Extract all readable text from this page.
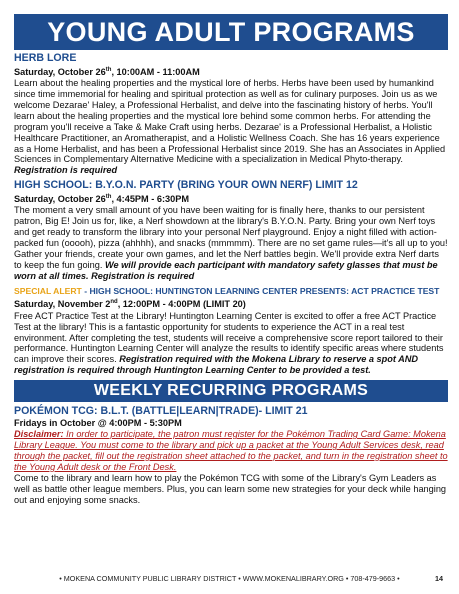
YOUNG ADULT PROGRAMS
HERB LORE
Saturday, October 26th, 10:00AM - 11:00AM
Learn about the healing properties and the mystical lore of herbs. Herbs have been used by humankind since time immemorial for healing and spiritual protection as well as for culinary purposes. Join us as we welcome Dezarae' Haley, a Professional Herbalist, and delve into the fascinating history of herbs. You'll learn about the healing properties and the mystical lore behind some common herbs. For attending the program you'll receive a Take & Make Craft using herbs. Dezarae' is a Professional Herbalist, a Holistic Healthcare Practitioner, an Aromatherapist, and a Holistic Wellness Coach. She has 16 years experience as a Home Herbalist, and has been a Professional Herbalist since 2019. She has an Associates in Applied Sciences in Complementary Alternative Medicine with a specialization in Medical Phyto-therapy. Registration is required
HIGH SCHOOL: B.Y.O.N. PARTY (BRING YOUR OWN NERF) LIMIT 12
Saturday, October 26th, 4:45PM - 6:30PM
The moment a very small amount of you have been waiting for is finally here, thanks to our persistent patron, Big E! Join us for, like, a Nerf showdown at the library's B.Y.O.N. Party. Bring your own Nerf toys and get ready to transform the library into your personal Nerf playground. Enjoy a night filled with action-packed fun (ooooh), pizza (ahhhh), and snacks (mmmmm). There are no set game rules—it's all up to you! Gather your friends, create your own games, and let the Nerf battles begin. We'll provide extra Nerf darts to keep the fun going. We will provide each participant with mandatory safety glasses that must be worn at all times. Registration is required
SPECIAL ALERT - HIGH SCHOOL: HUNTINGTON LEARNING CENTER PRESENTS: ACT PRACTICE TEST
Saturday, November 2nd, 12:00PM - 4:00PM (LIMIT 20)
Free ACT Practice Test at the Library! Huntington Learning Center is excited to offer a free ACT Practice Test at the library! This is a fantastic opportunity for students to experience the ACT in a real test environment. After completing the test, students will receive a comprehensive score report tailored to their performance. Huntington Learning Center will analyze the results to identify specific areas where students can improve their scores. Registration required with the Mokena Library to reserve a spot AND registration is required through Huntington Learning Center to be provided a test.
WEEKLY RECURRING PROGRAMS
POKÉMON TCG: B.L.T. (BATTLE|LEARN|TRADE)- LIMIT 21
Fridays in October @ 4:00PM - 5:30PM
Disclaimer: In order to participate, the patron must register for the Pokémon Trading Card Game: Mokena Library League. You must come to the library and pick up a packet at the Young Adult Services desk, read through the packet, fill out the registration sheet attached to the packet, and turn in the registration sheet to the Young Adult desk or the Front Desk.
Come to the library and learn how to play the Pokémon TCG with some of the Library's Gym Leaders as well as battle other league members. Plus, you can learn some new strategies for your deck while hanging out and enjoying some snacks.
• MOKENA COMMUNITY PUBLIC LIBRARY DISTRICT • WWW.MOKENALIBRARY.ORG • 708-479-9663 •	14
